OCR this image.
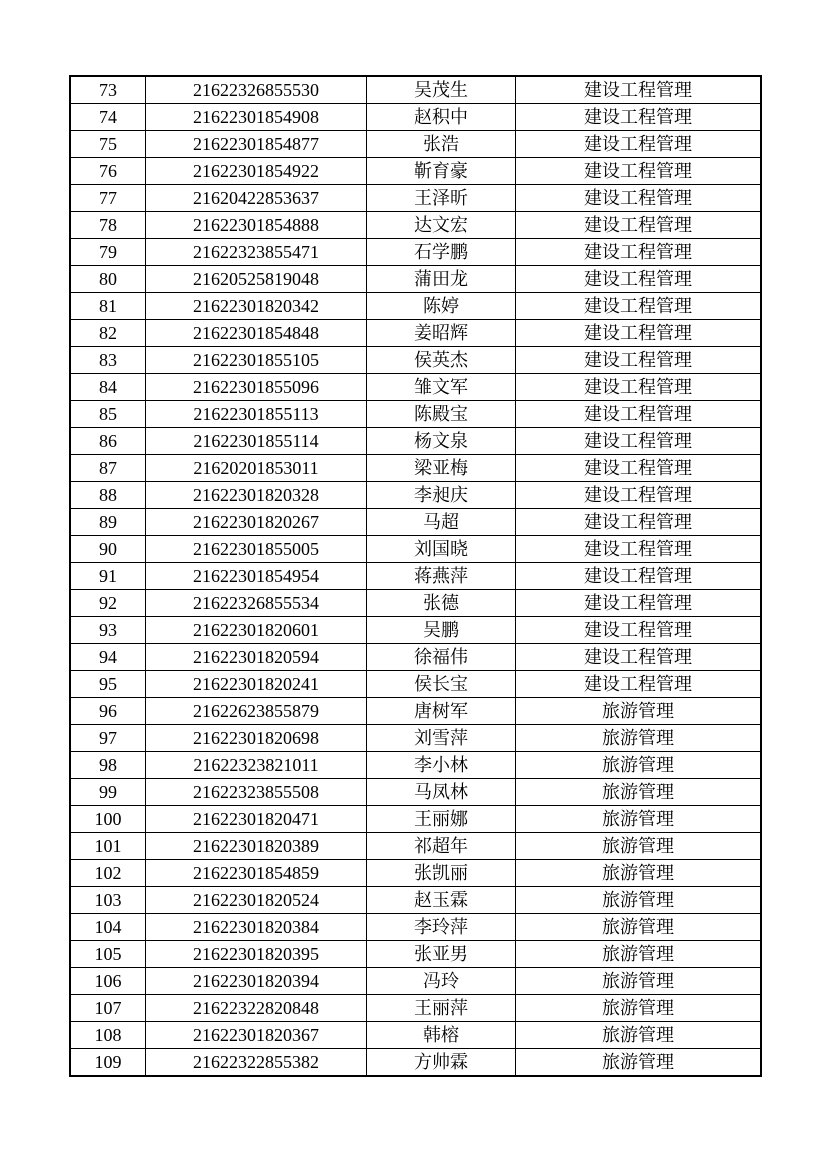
73	21622326855530	吴茂生	建设工程管理
74	21622301854908	赵积中	建设工程管理
75	21622301854877	张浩	建设工程管理
76	21622301854922	靳育豪	建设工程管理
77	21620422853637	王泽昕	建设工程管理
78	21622301854888	达文宏	建设工程管理
79	21622323855471	石学鹏	建设工程管理
80	21620525819048	蒲田龙	建设工程管理
81	21622301820342	陈婷	建设工程管理
82	21622301854848	姜昭辉	建设工程管理
83	21622301855105	侯英杰	建设工程管理
84	21622301855096	雏文军	建设工程管理
85	21622301855113	陈殿宝	建设工程管理
86	21622301855114	杨文泉	建设工程管理
87	21620201853011	梁亚梅	建设工程管理
88	21622301820328	李昶庆	建设工程管理
89	21622301820267	马超	建设工程管理
90	21622301855005	刘国晓	建设工程管理
91	21622301854954	蒋燕萍	建设工程管理
92	21622326855534	张德	建设工程管理
93	21622301820601	吴鹏	建设工程管理
94	21622301820594	徐福伟	建设工程管理
95	21622301820241	侯长宝	建设工程管理
96	21622623855879	唐树军	旅游管理
97	21622301820698	刘雪萍	旅游管理
98	21622323821011	李小林	旅游管理
99	21622323855508	马凤林	旅游管理
100	21622301820471	王丽娜	旅游管理
101	21622301820389	祁超年	旅游管理
102	21622301854859	张凯丽	旅游管理
103	21622301820524	赵玉霖	旅游管理
104	21622301820384	李玲萍	旅游管理
105	21622301820395	张亚男	旅游管理
106	21622301820394	冯玲	旅游管理
107	21622322820848	王丽萍	旅游管理
108	21622301820367	韩榕	旅游管理
109	21622322855382	方帅霖	旅游管理
